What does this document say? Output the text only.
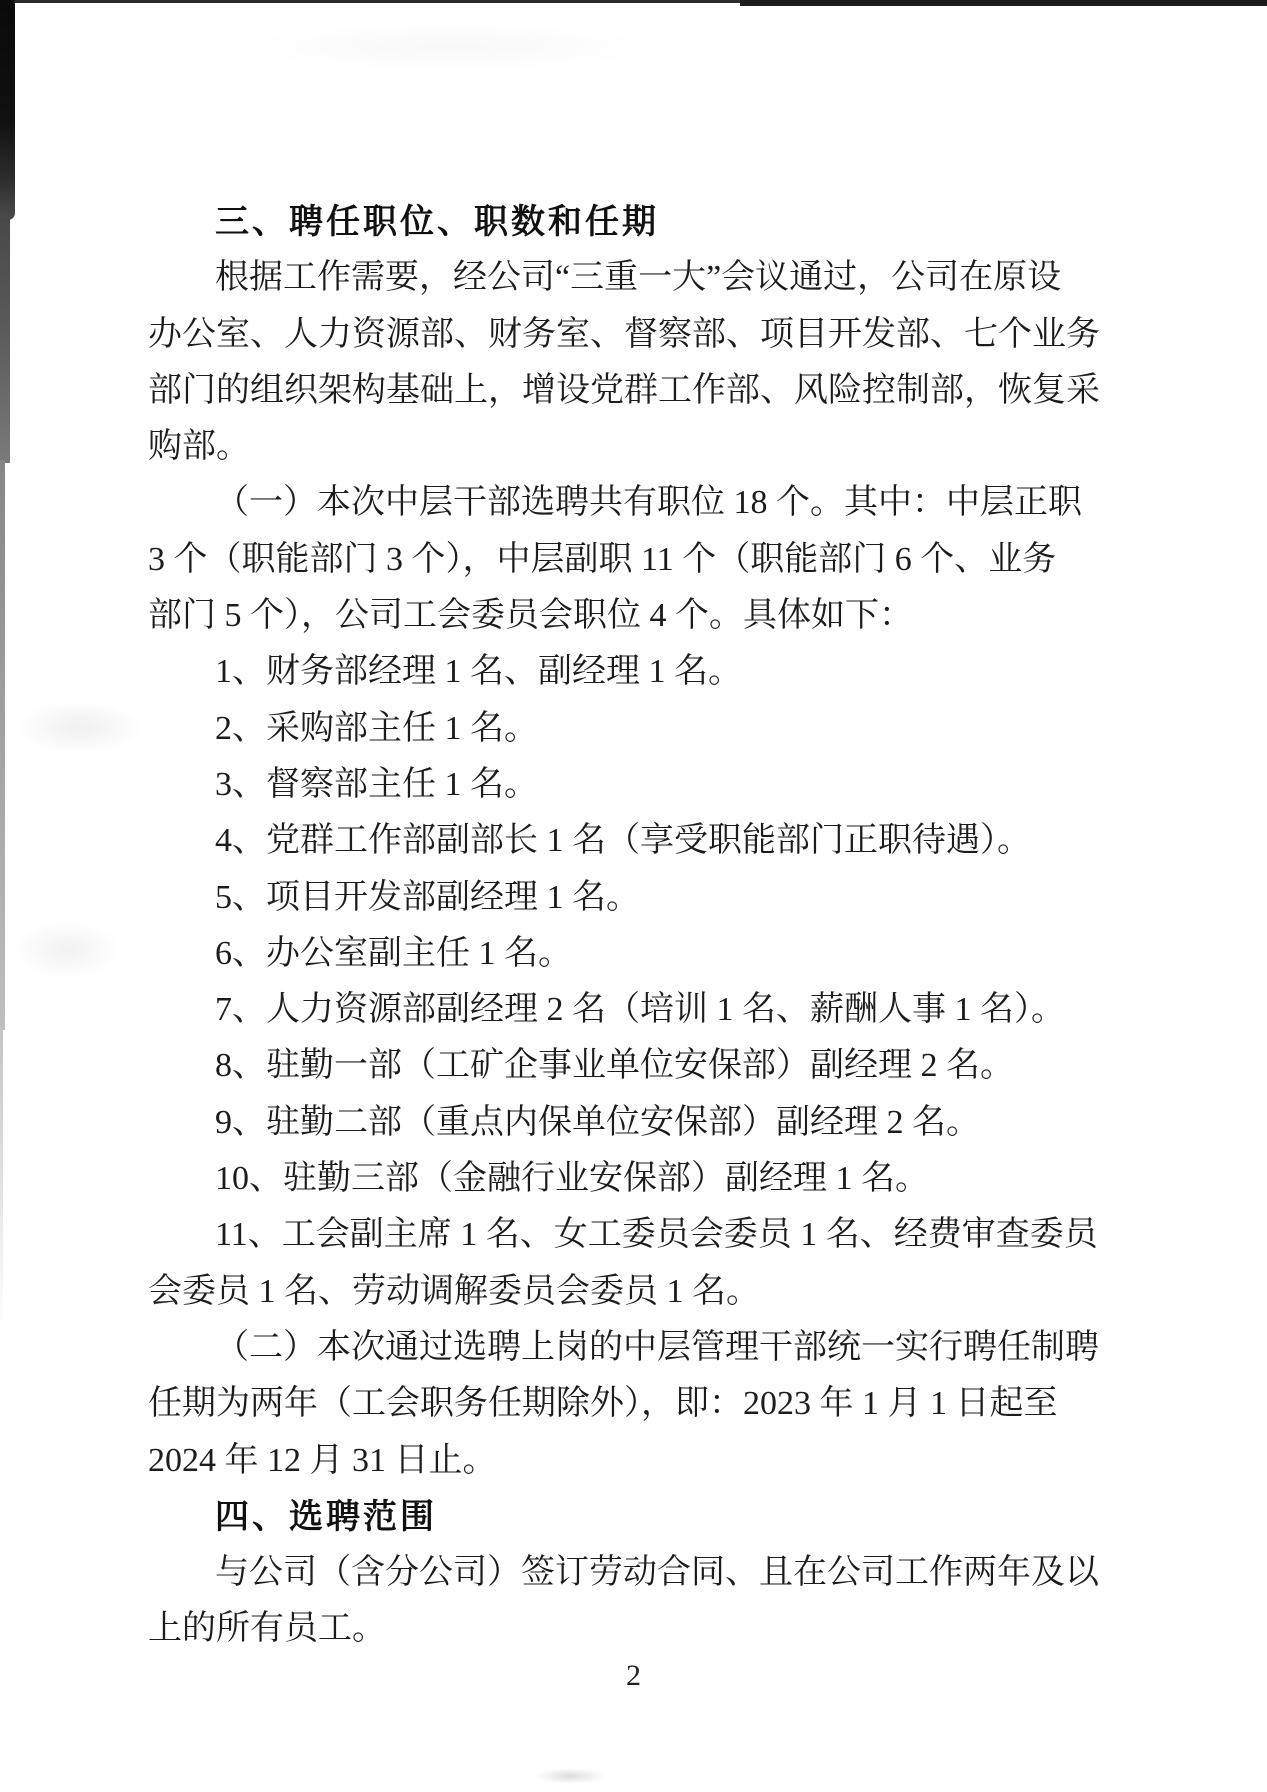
三、聘任职位、职数和任期
根据工作需要，经公司“三重一大”会议通过，公司在原设
办公室、人力资源部、财务室、督察部、项目开发部、七个业务
部门的组织架构基础上，增设党群工作部、风险控制部，恢复采
购部。
（一）本次中层干部选聘共有职位 18 个。其中：中层正职
3 个（职能部门 3 个），中层副职 11 个（职能部门 6 个、业务
部门 5 个），公司工会委员会职位 4 个。具体如下：
1、财务部经理 1 名、副经理 1 名。
2、采购部主任 1 名。
3、督察部主任 1 名。
4、党群工作部副部长 1 名（享受职能部门正职待遇）。
5、项目开发部副经理 1 名。
6、办公室副主任 1 名。
7、人力资源部副经理 2 名（培训 1 名、薪酬人事 1 名）。
8、驻勤一部（工矿企事业单位安保部）副经理 2 名。
9、驻勤二部（重点内保单位安保部）副经理 2 名。
10、驻勤三部（金融行业安保部）副经理 1 名。
11、工会副主席 1 名、女工委员会委员 1 名、经费审查委员
会委员 1 名、劳动调解委员会委员 1 名。
（二）本次通过选聘上岗的中层管理干部统一实行聘任制聘
任期为两年（工会职务任期除外），即：2023 年 1 月 1 日起至
2024 年 12 月 31 日止。
四、选聘范围
与公司（含分公司）签订劳动合同、且在公司工作两年及以
上的所有员工。
2
